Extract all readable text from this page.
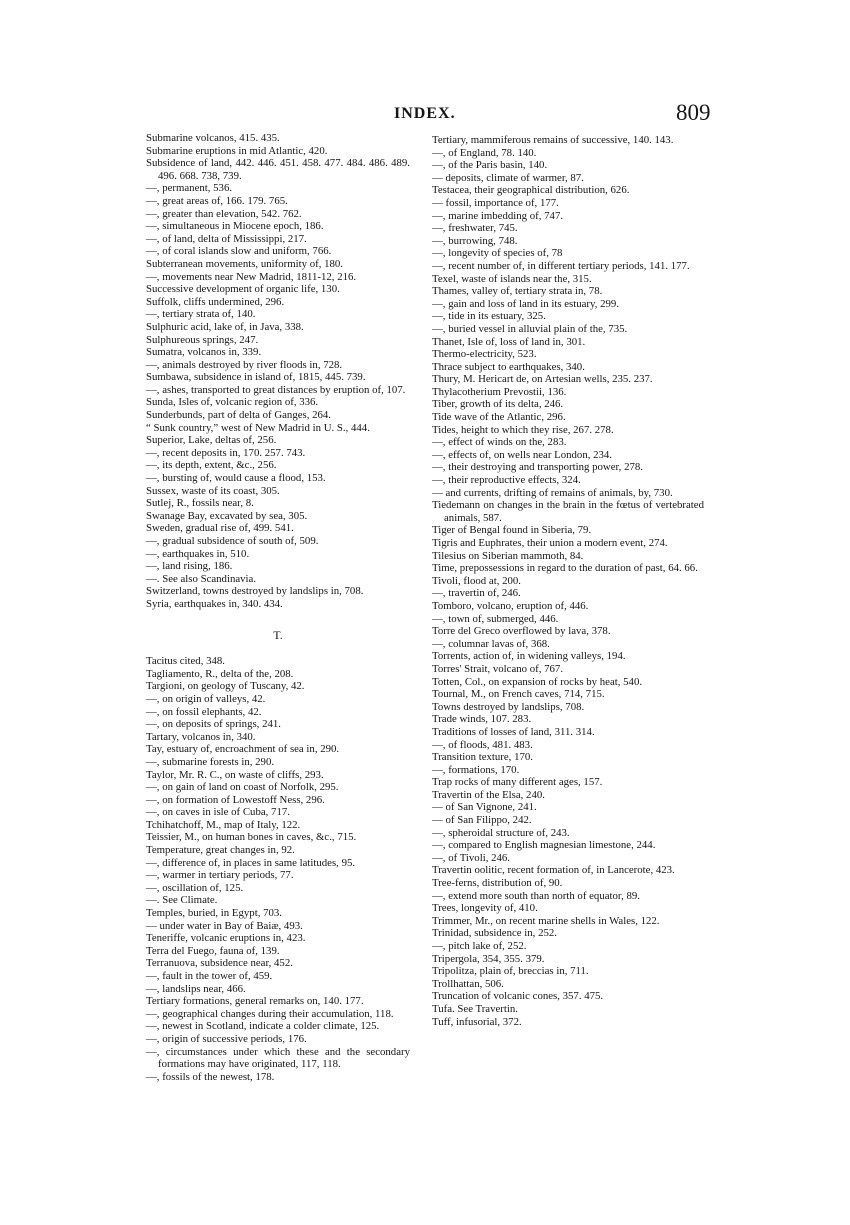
INDEX.	809
Submarine volcanos, 415. 435.
Submarine eruptions in mid Atlantic, 420.
Subsidence of land, 442. 446. 451. 458. 477. 484. 486. 489. 496. 668. 738, 739.
—, permanent, 536.
—, great areas of, 166. 179. 765.
—, greater than elevation, 542. 762.
—, simultaneous in Miocene epoch, 186.
—, of land, delta of Mississippi, 217.
—, of coral islands slow and uniform, 766.
Subterranean movements, uniformity of, 180.
—, movements near New Madrid, 1811-12, 216.
Successive development of organic life, 130.
Suffolk, cliffs undermined, 296.
—, tertiary strata of, 140.
Sulphuric acid, lake of, in Java, 338.
Sulphureous springs, 247.
Sumatra, volcanos in, 339.
—, animals destroyed by river floods in, 728.
Sumbawa, subsidence in island of, 1815, 445. 739.
—, ashes, transported to great distances by eruption of, 107.
Sunda, Isles of, volcanic region of, 336.
Sunderbunds, part of delta of Ganges, 264.
“ Sunk country,” west of New Madrid in U. S., 444.
Superior, Lake, deltas of, 256.
—, recent deposits in, 170. 257. 743.
—, its depth, extent, &c., 256.
—, bursting of, would cause a flood, 153.
Sussex, waste of its coast, 305.
Sutlej, R., fossils near, 8.
Swanage Bay, excavated by sea, 305.
Sweden, gradual rise of, 499. 541.
—, gradual subsidence of south of, 509.
—, earthquakes in, 510.
—, land rising, 186.
—. See also Scandinavia.
Switzerland, towns destroyed by landslips in, 708.
Syria, earthquakes in, 340. 434.
T.
Tacitus cited, 348.
Tagliamento, R., delta of the, 208.
Targioni, on geology of Tuscany, 42.
—, on origin of valleys, 42.
—, on fossil elephants, 42.
—, on deposits of springs, 241.
Tartary, volcanos in, 340.
Tay, estuary of, encroachment of sea in, 290.
—, submarine forests in, 290.
Taylor, Mr. R. C., on waste of cliffs, 293.
—, on gain of land on coast of Norfolk, 295.
—, on formation of Lowestoff Ness, 296.
—, on caves in isle of Cuba, 717.
Tchihatchoff, M., map of Italy, 122.
Teissier, M., on human bones in caves, &c., 715.
Temperature, great changes in, 92.
—, difference of, in places in same latitudes, 95.
—, warmer in tertiary periods, 77.
—, oscillation of, 125.
—. See Climate.
Temples, buried, in Egypt, 703.
— under water in Bay of Baiæ, 493.
Teneriffe, volcanic eruptions in, 423.
Terra del Fuego, fauna of, 139.
Terranuova, subsidence near, 452.
—, fault in the tower of, 459.
—, landslips near, 466.
Tertiary formations, general remarks on, 140. 177.
—, geographical changes during their accumulation, 118.
—, newest in Scotland, indicate a colder climate, 125.
—, origin of successive periods, 176.
—, circumstances under which these and the secondary formations may have originated, 117, 118.
—, fossils of the newest, 178.
Tertiary, mammiferous remains of successive, 140. 143.
—, of England, 78. 140.
—, of the Paris basin, 140.
— deposits, climate of warmer, 87.
Testacea, their geographical distribution, 626.
— fossil, importance of, 177.
—, marine imbedding of, 747.
—, freshwater, 745.
—, burrowing, 748.
—, longevity of species of, 78
—, recent number of, in different tertiary periods, 141. 177.
Texel, waste of islands near the, 315.
Thames, valley of, tertiary strata in, 78.
—, gain and loss of land in its estuary, 299.
—, tide in its estuary, 325.
—, buried vessel in alluvial plain of the, 735.
Thanet, Isle of, loss of land in, 301.
Thermo-electricity, 523.
Thrace subject to earthquakes, 340.
Thury, M. Hericart de, on Artesian wells, 235. 237.
Thylacotherium Prevostii, 136.
Tiber, growth of its delta, 246.
Tide wave of the Atlantic, 296.
Tides, height to which they rise, 267. 278.
—, effect of winds on the, 283.
—, effects of, on wells near London, 234.
—, their destroying and transporting power, 278.
—, their reproductive effects, 324.
— and currents, drifting of remains of animals, by, 730.
Tiedemann on changes in the brain in the fœtus of vertebrated animals, 587.
Tiger of Bengal found in Siberia, 79.
Tigris and Euphrates, their union a modern event, 274.
Tilesius on Siberian mammoth, 84.
Time, prepossessions in regard to the duration of past, 64. 66.
Tivoli, flood at, 200.
—, travertin of, 246.
Tomboro, volcano, eruption of, 446.
—, town of, submerged, 446.
Torre del Greco overflowed by lava, 378.
—, columnar lavas of, 368.
Torrents, action of, in widening valleys, 194.
Torres' Strait, volcano of, 767.
Totten, Col., on expansion of rocks by heat, 540.
Tournal, M., on French caves, 714, 715.
Towns destroyed by landslips, 708.
Trade winds, 107. 283.
Traditions of losses of land, 311. 314.
—, of floods, 481. 483.
Transition texture, 170.
—, formations, 170.
Trap rocks of many different ages, 157.
Travertin of the Elsa, 240.
— of San Vignone, 241.
— of San Filippo, 242.
—, spheroidal structure of, 243.
—, compared to English magnesian limestone, 244.
—, of Tivoli, 246.
Travertin oolitic, recent formation of, in Lancerote, 423.
Tree-ferns, distribution of, 90.
—, extend more south than north of equator, 89.
Trees, longevity of, 410.
Trimmer, Mr., on recent marine shells in Wales, 122.
Trinidad, subsidence in, 252.
—, pitch lake of, 252.
Tripergola, 354, 355. 379.
Tripolitza, plain of, breccias in, 711.
Trollhattan, 506.
Truncation of volcanic cones, 357. 475.
Tufa. See Travertin.
Tuff, infusorial, 372.
